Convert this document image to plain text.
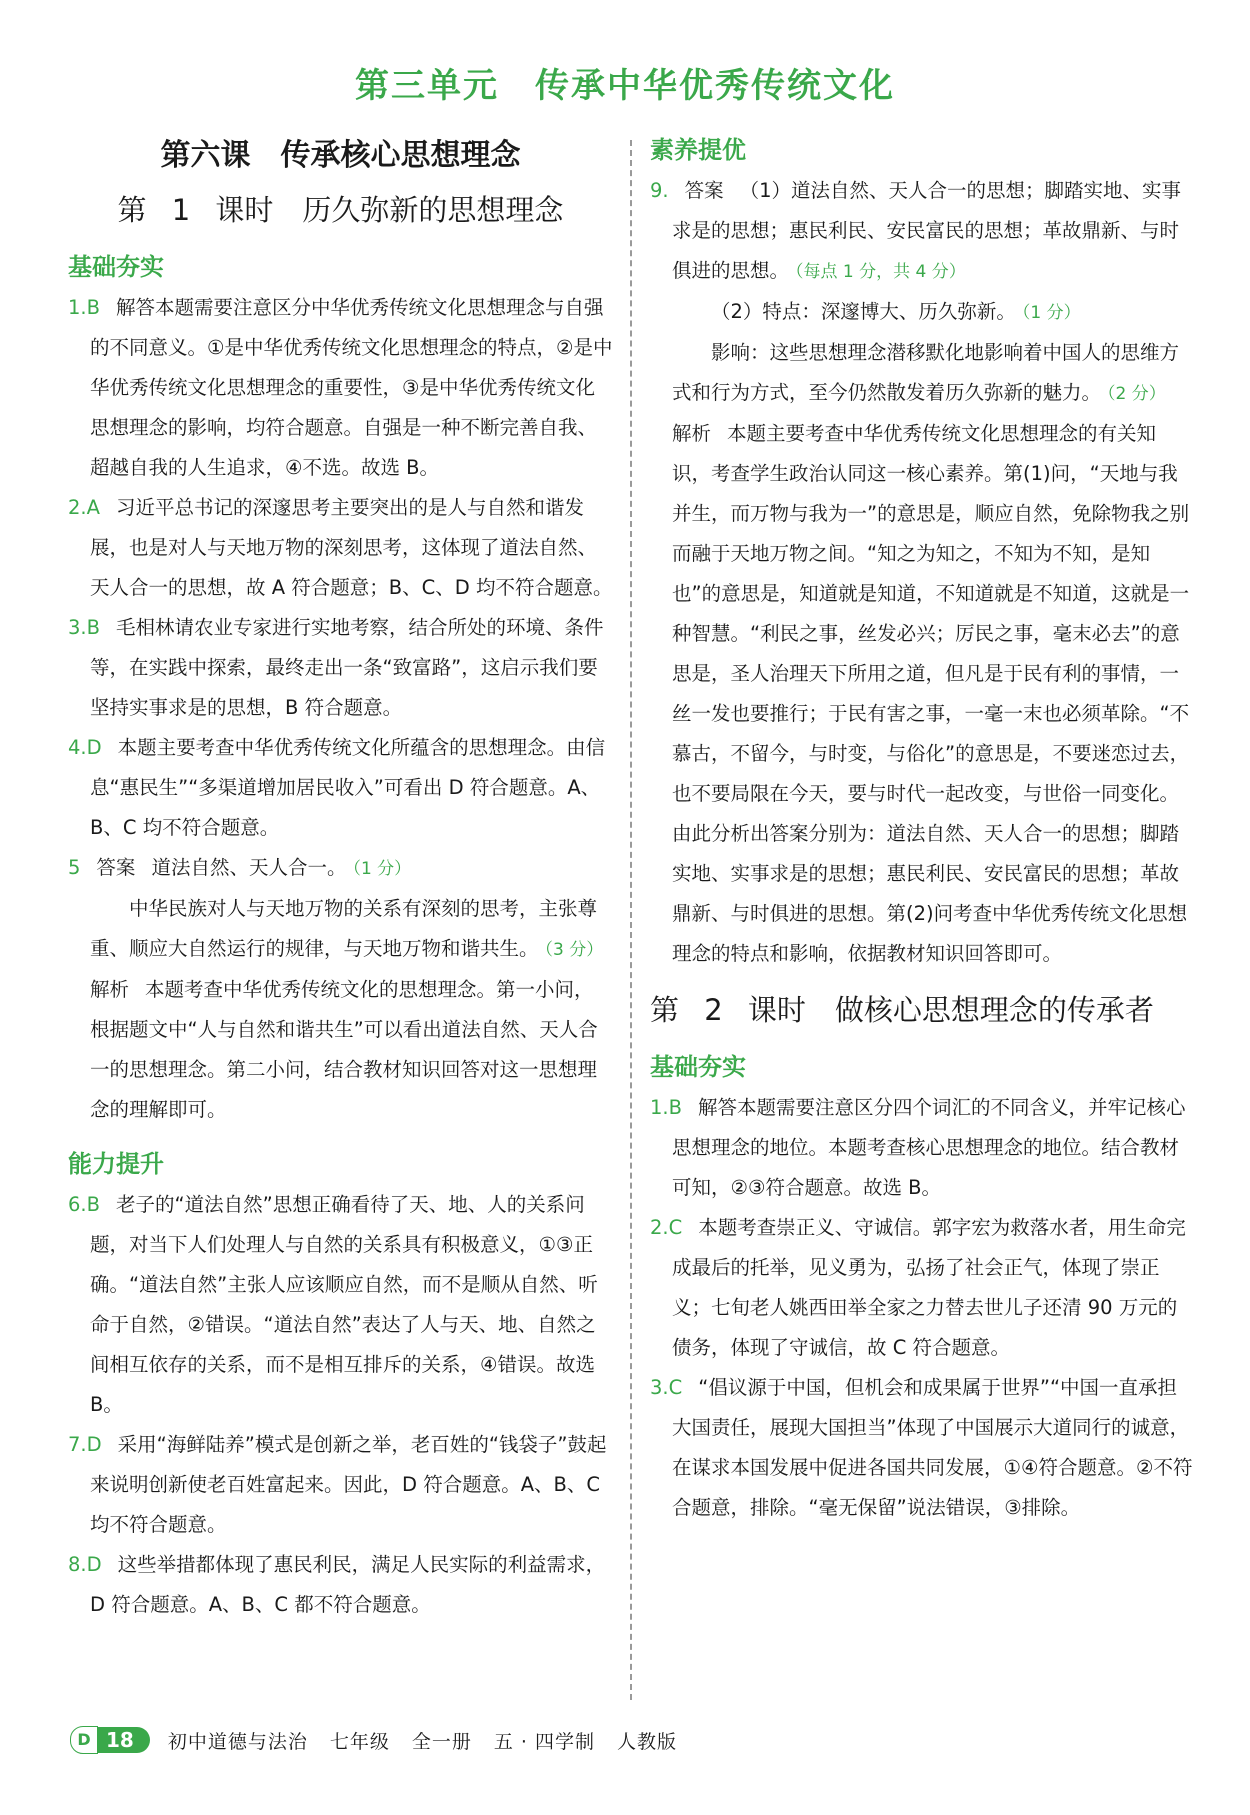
第三单元　传承中华优秀传统文化
第六课　传承核心思想理念
第 1 课时　历久弥新的思想理念
基础夯实

1.B 解答本题需要注意区分中华优秀传统文化思想理念与自强的不同意义。①是中华优秀传统文化思想理念的特点，②是中华优秀传统文化思想理念的重要性，③是中华优秀传统文化思想理念的影响，均符合题意。自强是一种不断完善自我、超越自我的人生追求，④不选。故选 B。

2.A 习近平总书记的深邃思考主要突出的是人与自然和谐发展，也是对人与天地万物的深刻思考，这体现了道法自然、天人合一的思想，故 A 符合题意；B、C、D 均不符合题意。

3.B 毛相林请农业专家进行实地考察，结合所处的环境、条件等，在实践中探索，最终走出一条“致富路”，这启示我们要坚持实事求是的思想，B 符合题意。

4.D 本题主要考查中华优秀传统文化所蕴含的思想理念。由信息“惠民生”“多渠道增加居民收入”可看出 D 符合题意。A、B、C 均不符合题意。

5 答案 道法自然、天人合一。 （1 分）

中华民族对人与天地万物的关系有深刻的思考，主张尊重、顺应大自然运行的规律，与天地万物和谐共生。 （3 分）

解析 本题考查中华优秀传统文化的思想理念。第一小问，根据题文中“人与自然和谐共生”可以看出道法自然、天人合一的思想理念。第二小问，结合教材知识回答对这一思想理念的理解即可。

能力提升

6.B 老子的“道法自然”思想正确看待了天、地、人的关系问题，对当下人们处理人与自然的关系具有积极意义，①③正确。“道法自然”主张人应该顺应自然，而不是顺从自然、听命于自然，②错误。“道法自然”表达了人与天、地、自然之间相互依存的关系，而不是相互排斥的关系，④错误。故选 B。

7.D 采用“海鲜陆养”模式是创新之举，老百姓的“钱袋子”鼓起来说明创新使老百姓富起来。因此，D 符合题意。A、B、C 均不符合题意。

8.D 这些举措都体现了惠民利民，满足人民实际的利益需求，D 符合题意。A、B、C 都不符合题意。

素养提优

9. 答案 （1）道法自然、天人合一的思想；脚踏实地、实事求是的思想；惠民利民、安民富民的思想；革故鼎新、与时俱进的思想。 （每点 1 分，共 4 分）

（2）特点：深邃博大、历久弥新。 （1 分）

影响：这些思想理念潜移默化地影响着中国人的思维方式和行为方式，至今仍然散发着历久弥新的魅力。 （2 分）

解析 本题主要考查中华优秀传统文化思想理念的有关知识，考查学生政治认同这一核心素养。第(1)问，“天地与我并生，而万物与我为一”的意思是，顺应自然，免除物我之别而融于天地万物之间。“知之为知之，不知为不知，是知也”的意思是，知道就是知道，不知道就是不知道，这就是一种智慧。“利民之事，丝发必兴；厉民之事，毫末必去”的意思是，圣人治理天下所用之道，但凡是于民有利的事情，一丝一发也要推行；于民有害之事，一毫一末也必须革除。“不慕古，不留今，与时变，与俗化”的意思是，不要迷恋过去，也不要局限在今天，要与时代一起改变，与世俗一同变化。由此分析出答案分别为：道法自然、天人合一的思想；脚踏实地、实事求是的思想；惠民利民、安民富民的思想；革故鼎新、与时俱进的思想。第(2)问考查中华优秀传统文化思想理念的特点和影响，依据教材知识回答即可。

第 2 课时　做核心思想理念的传承者
基础夯实

1.B 解答本题需要注意区分四个词汇的不同含义，并牢记核心思想理念的地位。本题考查核心思想理念的地位。结合教材可知，②③符合题意。故选 B。

2.C 本题考查崇正义、守诚信。郭字宏为救落水者，用生命完成最后的托举，见义勇为，弘扬了社会正气，体现了崇正义；七旬老人姚西田举全家之力替去世儿子还清 90 万元的债务，体现了守诚信，故 C 符合题意。

3.C “倡议源于中国，但机会和成果属于世界”“中国一直承担大国责任，展现大国担当”体现了中国展示大道同行的诚意，在谋求本国发展中促进各国共同发展，①④符合题意。②不符合题意，排除。“毫无保留”说法错误，③排除。

D 18	初中道德与法治 七年级 全一册 五 · 四学制 人教版
